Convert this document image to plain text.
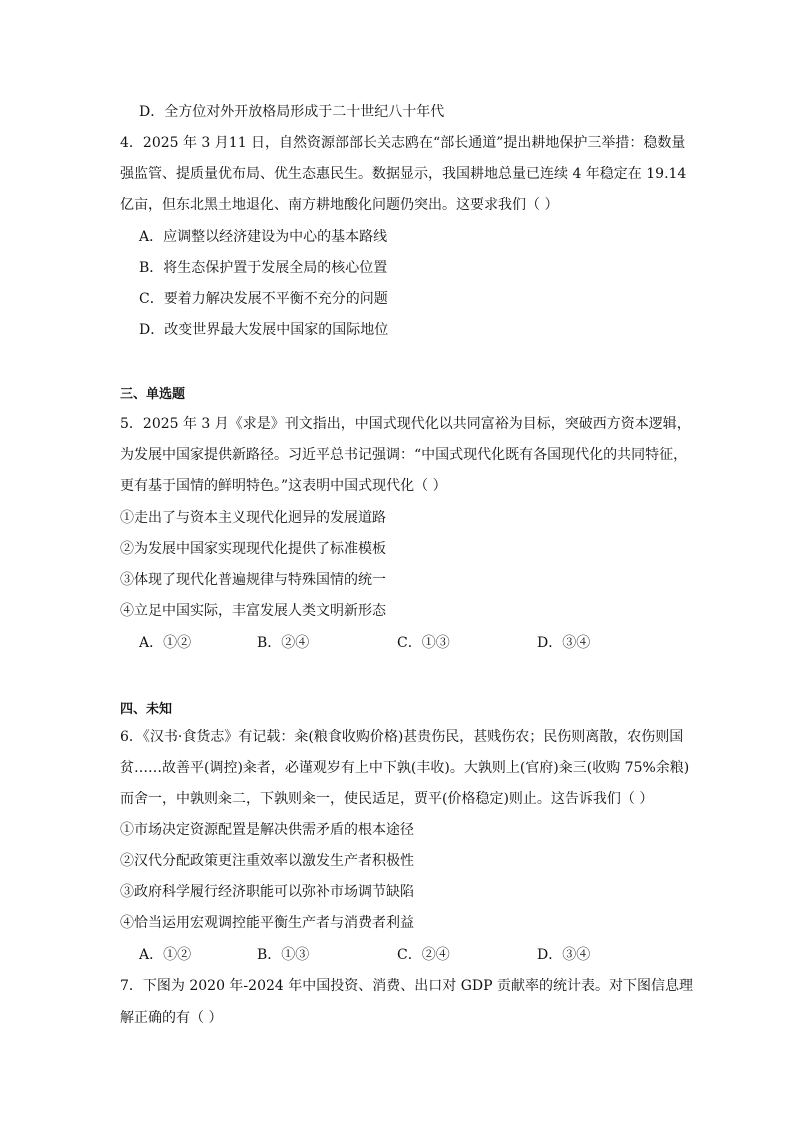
D．全方位对外开放格局形成于二十世纪八十年代
4．2025 年 3 月11 日，自然资源部部长关志鸥在“部长通道”提出耕地保护三举措：稳数量
强监管、提质量优布局、优生态惠民生。数据显示，我国耕地总量已连续 4 年稳定在 19.14
亿亩，但东北黑土地退化、南方耕地酸化问题仍突出。这要求我们（ ）
A．应调整以经济建设为中心的基本路线
B．将生态保护置于发展全局的核心位置
C．要着力解决发展不平衡不充分的问题
D．改变世界最大发展中国家的国际地位
三、单选题
5．2025 年 3 月《求是》刊文指出，中国式现代化以共同富裕为目标，突破西方资本逻辑，
为发展中国家提供新路径。习近平总书记强调：“中国式现代化既有各国现代化的共同特征，
更有基于国情的鲜明特色。”这表明中国式现代化（ ）
①走出了与资本主义现代化迥异的发展道路
②为发展中国家实现现代化提供了标准模板
③体现了现代化普遍规律与特殊国情的统一
④立足中国实际，丰富发展人类文明新形态
A．①②	B．②④	C．①③	D．③④
四、未知
6．《汉书·食货志》有记载：籴(粮食收购价格)甚贵伤民，甚贱伤农；民伤则离散，农伤则国
贫……故善平(调控)籴者，必谨观岁有上中下孰(丰收)。大孰则上(官府)籴三(收购 75%余粮)
而舍一，中孰则籴二，下孰则籴一，使民适足，贾平(价格稳定)则止。这告诉我们（ ）
①市场决定资源配置是解决供需矛盾的根本途径
②汉代分配政策更注重效率以激发生产者积极性
③政府科学履行经济职能可以弥补市场调节缺陷
④恰当运用宏观调控能平衡生产者与消费者利益
A．①②	B．①③	C．②④	D．③④
7．下图为 2020 年-2024 年中国投资、消费、出口对 GDP 贡献率的统计表。对下图信息理
解正确的有（ ）
